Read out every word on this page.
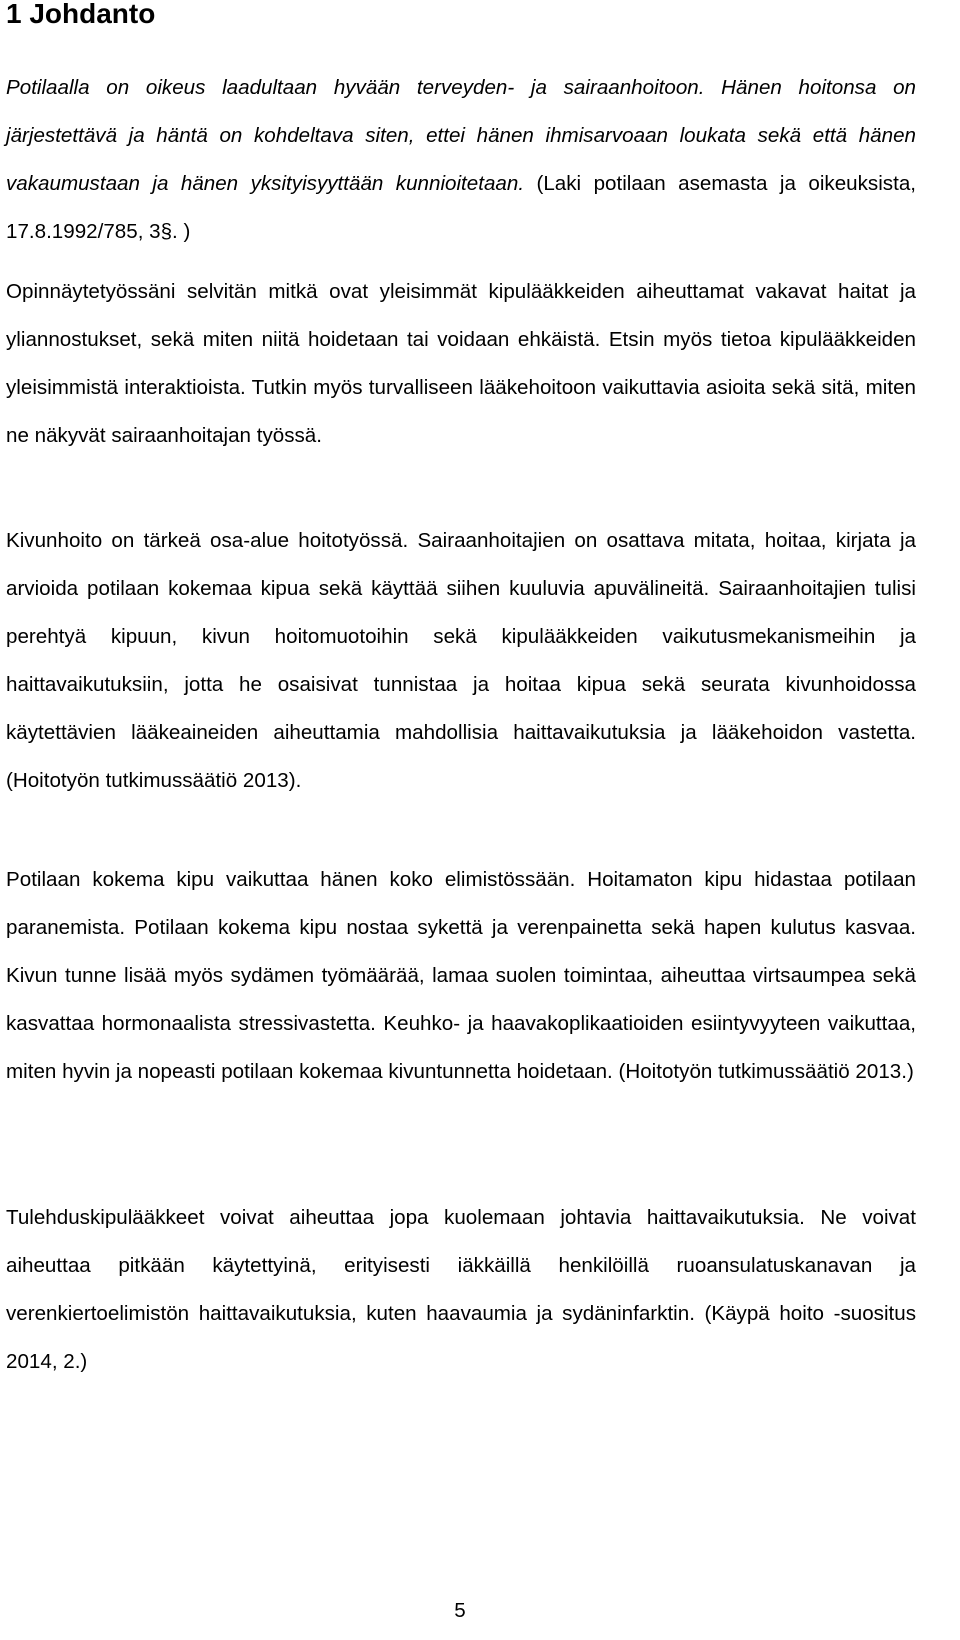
1 Johdanto

Potilaalla on oikeus laadultaan hyvään terveyden- ja sairaanhoitoon. Hänen hoitonsa on järjestettävä ja häntä on kohdeltava siten, ettei hänen ihmisarvoaan loukata sekä että hänen vakaumustaan ja hänen yksityisyyttään kunnioitetaan. (Laki potilaan asemasta ja oikeuksista, 17.8.1992/785, 3§. )

Opinnäytetyössäni selvitän mitkä ovat yleisimmät kipulääkkeiden aiheuttamat vakavat haitat ja yliannostukset, sekä miten niitä hoidetaan tai voidaan ehkäistä. Etsin myös tietoa kipulääkkeiden yleisimmistä interaktioista. Tutkin myös turvalliseen lääkehoitoon vaikuttavia asioita sekä sitä, miten ne näkyvät sairaanhoitajan työssä.

Kivunhoito on tärkeä osa-alue hoitotyössä. Sairaanhoitajien on osattava mitata, hoitaa, kirjata ja arvioida potilaan kokemaa kipua sekä käyttää siihen kuuluvia apuvälineitä. Sairaanhoitajien tulisi perehtyä kipuun, kivun hoitomuotoihin sekä kipulääkkeiden vaikutusmekanismeihin ja haittavaikutuksiin, jotta he osaisivat tunnistaa ja hoitaa kipua sekä seurata kivunhoidossa käytettävien lääkeaineiden aiheuttamia mahdollisia haittavaikutuksia ja lääkehoidon vastetta. (Hoitotyön tutkimussäätiö 2013).

Potilaan kokema kipu vaikuttaa hänen koko elimistössään. Hoitamaton kipu hidastaa potilaan paranemista. Potilaan kokema kipu nostaa sykettä ja verenpainetta sekä hapen kulutus kasvaa. Kivun tunne lisää myös sydämen työmäärää, lamaa suolen toimintaa, aiheuttaa virtsaumpea sekä kasvattaa hormonaalista stressivastetta. Keuhko- ja haavakoplikaatioiden esiintyvyyteen vaikuttaa, miten hyvin ja nopeasti potilaan kokemaa kivuntunnetta hoidetaan. (Hoitotyön tutkimussäätiö 2013.)

Tulehduskipulääkkeet voivat aiheuttaa jopa kuolemaan johtavia haittavaikutuksia. Ne voivat aiheuttaa pitkään käytettyinä, erityisesti iäkkäillä henkilöillä ruoansulatuskanavan ja verenkiertoelimistön haittavaikutuksia, kuten haavaumia ja sydäninfarktin. (Käypä hoito -suositus 2014, 2.)

5
